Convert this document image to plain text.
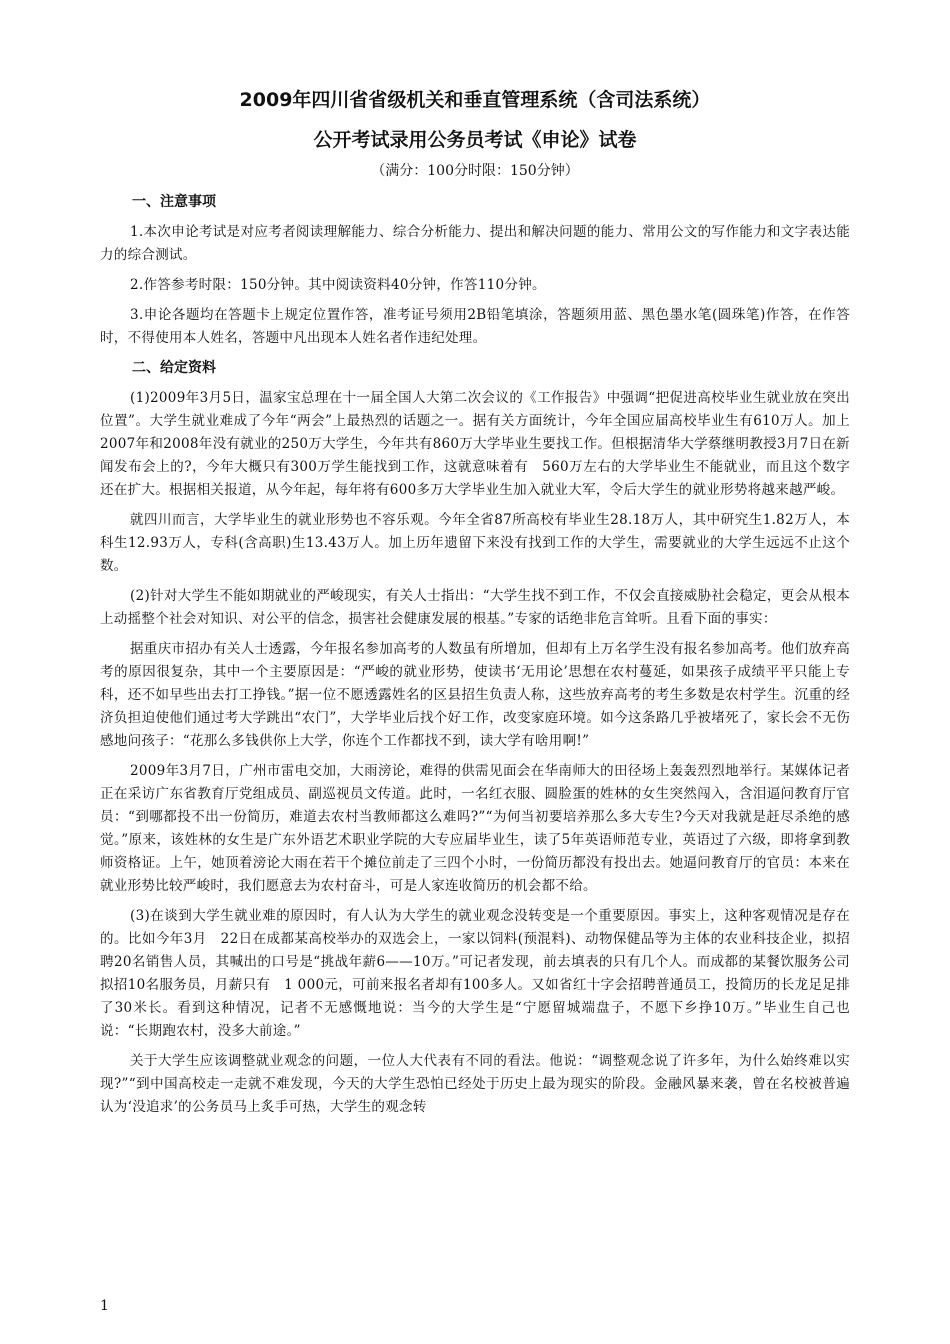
2009年四川省省级机关和垂直管理系统（含司法系统）
公开考试录用公务员考试《申论》试卷
（满分：100分时限：150分钟）
一、注意事项

1.本次申论考试是对应考者阅读理解能力、综合分析能力、提出和解决问题的能力、常用公文的写作能力和文字表达能力的综合测试。

2.作答参考时限：150分钟。其中阅读资料40分钟，作答110分钟。

3.申论各题均在答题卡上规定位置作答，准考证号须用2B铅笔填涂，答题须用蓝、黑色墨水笔(圆珠笔)作答，在作答时，不得使用本人姓名，答题中凡出现本人姓名者作违纪处理。

二、给定资料

(1)2009年3月5日，温家宝总理在十一届全国人大第二次会议的《工作报告》中强调“把促进高校毕业生就业放在突出位置”。大学生就业难成了今年“两会”上最热烈的话题之一。据有关方面统计，今年全国应届高校毕业生有610万人。加上2007年和2008年没有就业的250万大学生，今年共有860万大学毕业生要找工作。但根据清华大学蔡继明教授3月7日在新闻发布会上的?，今年大概只有300万学生能找到工作，这就意味着有　560万左右的大学毕业生不能就业，而且这个数字还在扩大。根据相关报道，从今年起，每年将有600多万大学毕业生加入就业大军，令后大学生的就业形势将越来越严峻。

就四川而言，大学毕业生的就业形势也不容乐观。今年全省87所高校有毕业生28.18万人，其中研究生1.82万人，本科生12.93万人，专科(含高职)生13.43万人。加上历年遗留下来没有找到工作的大学生，需要就业的大学生远远不止这个数。

(2)针对大学生不能如期就业的严峻现实，有关人士指出：“大学生找不到工作，不仅会直接威胁社会稳定，更会从根本上动摇整个社会对知识、对公平的信念，损害社会健康发展的根基。”专家的话绝非危言耸听。且看下面的事实：

据重庆市招办有关人士透露，今年报名参加高考的人数虽有所增加，但却有上万名学生没有报名参加高考。他们放弃高考的原因很复杂，其中一个主要原因是：“严峻的就业形势，使读书‘无用论’思想在农村蔓延，如果孩子成绩平平只能上专科，还不如早些出去打工挣钱。”据一位不愿透露姓名的区县招生负责人称，这些放弃高考的考生多数是农村学生。沉重的经济负担迫使他们通过考大学跳出“农门”，大学毕业后找个好工作，改变家庭环境。如今这条路几乎被堵死了，家长会不无伤感地问孩子：“花那么多钱供你上大学，你连个工作都找不到，读大学有啥用啊!”

2009年3月7日，广州市雷电交加，大雨滂论，难得的供需见面会在华南师大的田径场上轰轰烈烈地举行。某媒体记者正在采访广东省教育厅党组成员、副巡视员文传道。此时，一名红衣服、圆脸蛋的姓林的女生突然闯入，含泪逼问教育厅官员：“到哪都投不出一份简历，难道去农村当教师都这么难吗?”“为何当初要培养那么多大专生?今天对我就是赶尽杀绝的感觉。”原来，该姓林的女生是广东外语艺术职业学院的大专应届毕业生，读了5年英语师范专业，英语过了六级，即将拿到教师资格证。上午，她顶着滂论大雨在若干个摊位前走了三四个小时，一份简历都没有投出去。她逼问教育厅的官员：本来在就业形势比较严峻时，我们愿意去为农村奋斗，可是人家连收简历的机会都不给。

(3)在谈到大学生就业难的原因时，有人认为大学生的就业观念没转变是一个重要原因。事实上，这种客观情况是存在的。比如今年3月　22日在成都某高校举办的双选会上，一家以饲料(预混料)、动物保健品等为主体的农业科技企业，拟招聘20名销售人员，其喊出的口号是“挑战年薪6——10万。”可记者发现，前去填表的只有几个人。而成都的某餐饮服务公司拟招10名服务员，月薪只有　1 000元，可前来报名者却有100多人。又如省红十字会招聘普通员工，投简历的长龙足足排了30米长。看到这种情况，记者不无感慨地说：当今的大学生是“宁愿留城端盘子，不愿下乡挣10万。”毕业生自己也说：“长期跑农村，没多大前途。”

关于大学生应该调整就业观念的问题，一位人大代表有不同的看法。他说：“调整观念说了许多年，为什么始终难以实现?”“到中国高校走一走就不难发现，今天的大学生恐怕已经处于历史上最为现实的阶段。金融风暴来袭，曾在名校被普遍认为‘没追求’的公务员马上炙手可热，大学生的观念转

1
